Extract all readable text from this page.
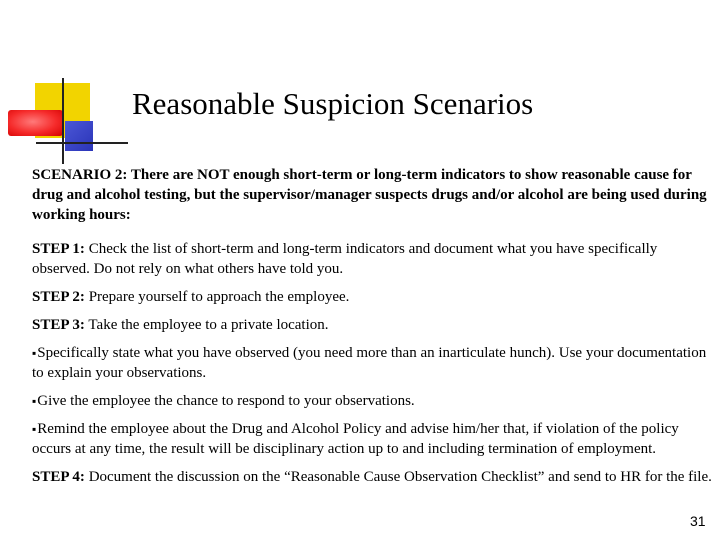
Reasonable Suspicion Scenarios

SCENARIO 2: There are NOT enough short-term or long-term indicators to show reasonable cause for drug and alcohol testing, but the supervisor/manager suspects drugs and/or alcohol are being used during working hours:

STEP 1: Check the list of short-term and long-term indicators and document what you have specifically observed. Do not rely on what others have told you.

STEP 2: Prepare yourself to approach the employee.

STEP 3: Take the employee to a private location.

▪Specifically state what you have observed (you need more than an inarticulate hunch). Use your documentation to explain your observations.

▪Give the employee the chance to respond to your observations.

▪Remind the employee about the Drug and Alcohol Policy and advise him/her that, if violation of the policy occurs at any time, the result will be disciplinary action up to and including termination of employment.

STEP 4: Document the discussion on the “Reasonable Cause Observation Checklist” and send to HR for the file.

31
